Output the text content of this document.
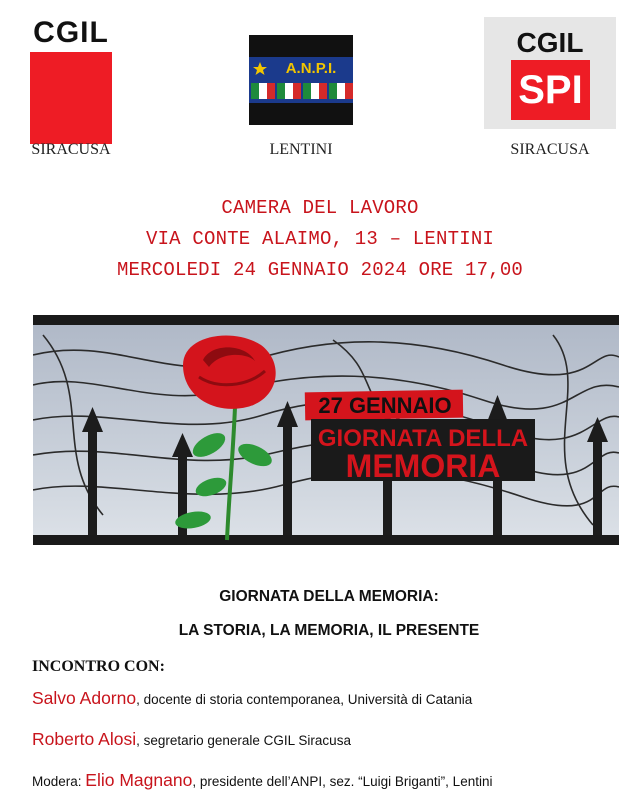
CGIL
SIRACUSA
A.N.P.I.
LENTINI
CGIL
SPI
SIRACUSA
CAMERA DEL LAVORO
VIA CONTE ALAIMO, 13 – LENTINI
MERCOLEDI 24 GENNAIO 2024 ORE 17,00
27 GENNAIO
GIORNATA DELLA
MEMORIA
GIORNATA DELLA MEMORIA:
LA STORIA, LA MEMORIA, IL PRESENTE
INCONTRO CON:
Salvo Adorno, docente di storia contemporanea, Università di Catania
Roberto Alosi, segretario generale CGIL Siracusa
Modera: Elio Magnano, presidente dell’ANPI, sez. “Luigi Briganti”, Lentini
